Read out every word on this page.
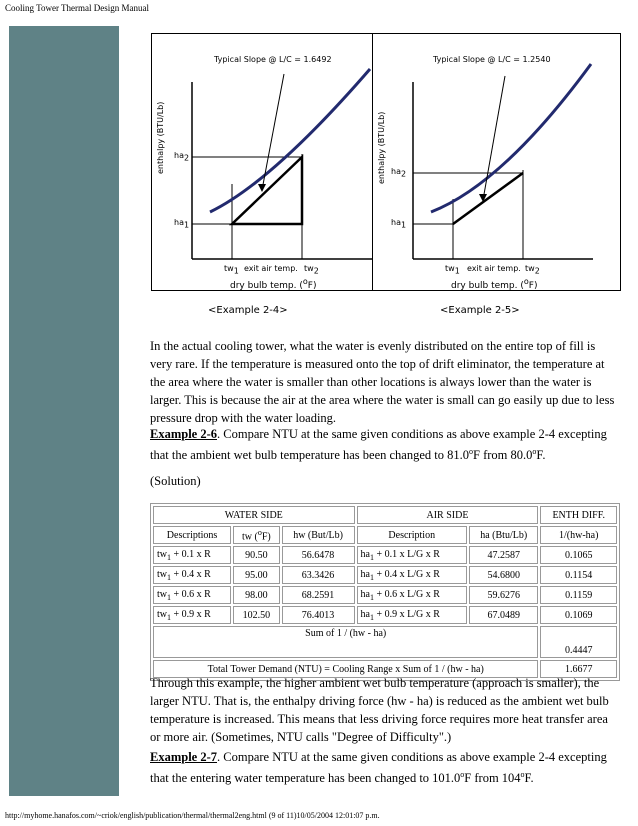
Cooling Tower Thermal Design Manual
Typical Slope @ L/C = 1.6492
enthalpy (BTU/Lb) $ha_2$
$ha_1$
$tw_1$ exit air temp. $tw_2$
dry bulb temp. ($^o$F)
<Example 2-4>
Typical Slope @ L/C = 1.2540
enthalpy (BTU/Lb) $ha_2$
$ha_1$
$tw_1$ exit air temp. $tw_2$
dry bulb temp. ($^o$F)
<Example 2-5>
In the actual cooling tower, what the water is evenly distributed on the entire top of fill is very rare. If the temperature is measured onto the top of drift eliminator, the temperature at the area where the water is smaller than other locations is always lower than the water is larger. This is because the air at the area where the water is small can go easily up due to less pressure drop with the water loading.
Example 2-6. Compare NTU at the same given conditions as above example 2-4 excepting that the ambient wet bulb temperature has been changed to 81.0$^o$F from 80.0$^o$F.
(Solution)
WATER SIDE			AIR SIDE		ENTH DIFF.
Descriptions	tw ($^o$F)	hw (But/Lb)	Description	ha (Btu/Lb)	1/(hw-ha)
$tw_1 + 0.1$ x R	90.50	56.6478	$ha_1 + 0.1$ x L/G x R	47.2587	0.1065
$tw_1 + 0.4$ x R	95.00	63.3426	$ha_1 + 0.4$ x L/G x R	54.6800	0.1154
$tw_1 + 0.6$ x R	98.00	68.2591	$ha_1 + 0.6$ x L/G x R	59.6276	0.1159
$tw_1 + 0.9$ x R	102.50	76.4013	$ha_1 + 0.9$ x L/G x R	67.0489	0.1069
Sum of 1 / (hw - ha)					0.4447
Total Tower Demand (NTU) = Cooling Range x Sum of 1 / (hw - ha)					1.6677
Through this example, the higher ambient wet bulb temperature (approach is smaller), the larger NTU. That is, the enthalpy driving force (hw - ha) is reduced as the ambient wet bulb temperature is increased. This means that less driving force requires more heat transfer area or more air. (Sometimes, NTU calls "Degree of Difficulty".)
Example 2-7. Compare NTU at the same given conditions as above example 2-4 excepting that the entering water temperature has been changed to 101.0$^o$F from 104$^o$F.
http://myhome.hanafos.com/~criok/english/publication/thermal/thermal2eng.html (9 of 11)10/05/2004 12:01:07 p.m.
